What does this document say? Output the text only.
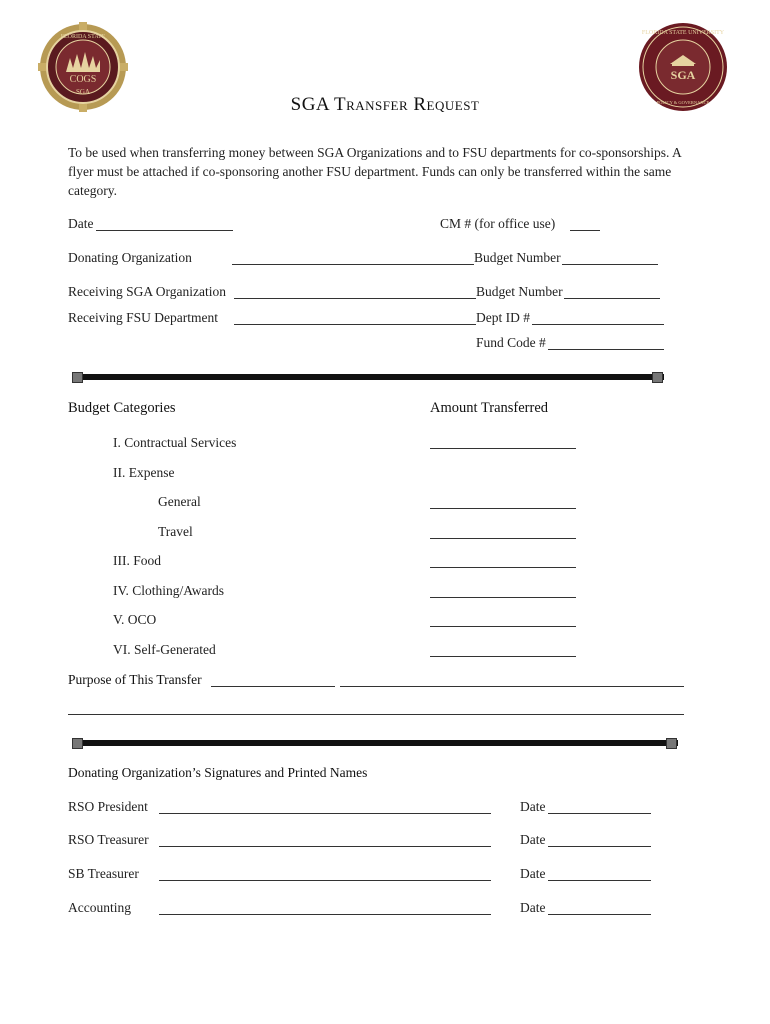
FLORIDA STATE
COGS
SGA
FLORIDA STATE UNIVERSITY
SGA
POLICY & GOVERNANCE
SGA Transfer Request
To be used when transferring money between SGA Organizations and to FSU departments for co-sponsorships. A flyer must be attached if co-sponsoring another FSU department. Funds can only be transferred within the same category.
Date	CM # (for office use)
Donating Organization	Budget Number
Receiving SGA Organization	Budget Number
Receiving FSU Department	Dept ID #
Fund Code #
Budget Categories	Amount Transferred
I. Contractual Services
II. Expense
General
Travel
III. Food
IV. Clothing/Awards
V. OCO
VI. Self-Generated
Purpose of This Transfer
Donating Organization’s Signatures and Printed Names
RSO President	Date
RSO Treasurer	Date
SB Treasurer	Date
Accounting	Date
